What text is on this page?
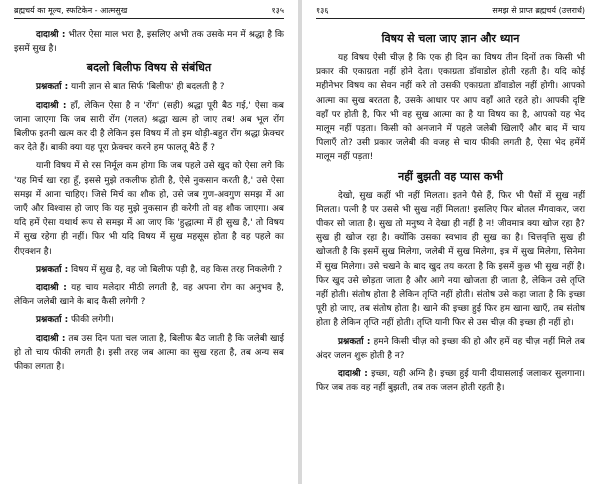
ब्रह्मचर्य का मूल्य, स्फटिकेन - आत्मसुख	१३५

दादाश्री : भीतर ऐसा माल भरा है, इसलिए अभी तक उसके मन में श्रद्धा है कि इसमें सुख है।

बदलो बिलीफ विषय से संबंधित

प्रश्नकर्ता : यानी ज्ञान से बात सिर्फ 'बिलीफ' ही बदलती है ?

दादाश्री : हाँ, लेकिन ऐसा है न 'रोंग' (सही) श्रद्धा पूरी बैठ गई,' ऐसा कब जाना जाएगा कि जब सारी रोंग (गलत) श्रद्धा खत्म हो जाए तब! अब भूल रोंग बिलीफ इतनी खत्म कर दी है लेकिन इस विषय में तो इम थोड़ी-बहुत रोंग श्रद्धा फ्रेक्चर कर देते हैं। बाकी क्या यह पूरा फ्रेक्चर करने हम फालतू बैठे हैं ?

यानी विषय में से रस निर्मूल कम होगा कि जब पहले उसे खुद को ऐसा लगे कि 'यह मिर्च खा रहा हूँ, इससे मुझे तकलीफ होती है, ऐसे नुकसान करती है,' उसे ऐसा समझ में आना चाहिए। जिसे मिर्च का शौक हो, उसे जब गुण-अवगुण समझ में आ जाएँ और विश्वास हो जाए कि यह मुझे नुकसान ही करेगी तो वह शौक जाएगा। अब यदि हमें ऐसा यथार्थ रूप से समझ में आ जाए कि 'हुद्धात्मा में ही सुख है,' तो विषय में सुख रहेगा ही नहीं। फिर भी यदि विषय में सुख महसूस होता है वह पहले का रीएक्शन है।

प्रश्नकर्ता : विषय में सुख है, वह जो बिलीफ पड़ी है, वह किस तरह निकलेगी ?

दादाश्री : यह चाय मलेदार मीठी लगती है, वह अपना रोग का अनुभव है, लेकिन जलेबी खाने के बाद कैसी लगेगी ?

प्रश्नकर्ता : फीकी लगेगी।

दादाश्री : तब उस दिन पता चल जाता है, बिलीफ बैठ जाती है कि जलेबी खाई हो तो चाय फीकी लगती है। इसी तरह जब आत्मा का सुख रहता है, तब अन्य सब फीका लगता है।

१३६	समझ से प्राप्त ब्रह्मचर्य (उत्तरार्ध)
विषय से चला जाए ज्ञान और ध्यान

यह विषय ऐसी चीज़ है कि एक ही दिन का विषय तीन दिनों तक किसी भी प्रकार की एकाग्रता नहीं होने देता। एकाग्रता डॉवाडोल होती रहती है। यदि कोई महीनेभर विषय का सेवन नहीं करे तो उसकी एकाग्रता डॉवाडोल नहीं होगी। आपको आत्मा का सुख बरतता है, उसके आधार पर आप वहाँ आते रहते हो। आपकी दृष्टि वहाँ पर होती है, फिर भी वह सुख आत्मा का है या विषय का है, आपको यह भेद मालूम नहीं पड़ता। किसी को अनजाने में पहले जलेबी खिलाएँ और बाद में चाय पिलाएँ तो? उसी प्रकार जलेबी की वजह से चाय फीकी लगती है, ऐसा भेद हमेंमें मालूम नहीं पड़ता!

नहीं बुझती वह प्यास कभी

देखो, सुख कहीं भी नहीं मिलता। इतने पैसे हैं, फिर भी पैसों में सुख नहीं मिलता। पत्नी है पर उससे भी सुख नहीं मिलता! इसलिए फिर बोतल मँगवाकर, जरा पीकर सो जाता है। सुख तो मनुष्य ने देखा ही नहीं है न! जीवमात्र क्या खोज रहा है? सुख ही खोज रहा है। क्योंकि उसका स्वभाव ही सुख का है। चित्तवृत्ति सुख ही खोजती है कि इसमें सुख मिलेगा, जलेबी में सुख मिलेगा, इत्र में सुख मिलेगा, सिनेमा में सुख मिलेगा। उसे चखने के बाद खुद तय करता है कि इसमें कुछ भी सुख नहीं है। फिर खुद उसे छोड़ता जाता है और आगे नया खोजता ही जाता है, लेकिन उसे तृप्ति नहीं होती। संतोष होता है लेकिन तृप्ति नहीं होती। संतोष उसे कहा जाता है कि इच्छा पूरी हो जाए, तब संतोष होता है। खाने की इच्छा हुई फिर हम खाना खाएँ, तब संतोष होता है लेकिन तृप्ति नहीं होती। तृप्ति यानी फिर से उस चीज़ की इच्छा ही नहीं हो।

प्रश्नकर्ता : हमने किसी चीज़ को इच्छा की हो और हमें वह चीज़ नहीं मिले तब अंदर जलन शुरू होती है न?

दादाश्री : इच्छा, यही अग्नि है। इच्छा हुई यानी दीयासलाई जलाकर सुलगाना। फिर जब तक वह नहीं बुझती, तब तक जलन होती रहती है।
